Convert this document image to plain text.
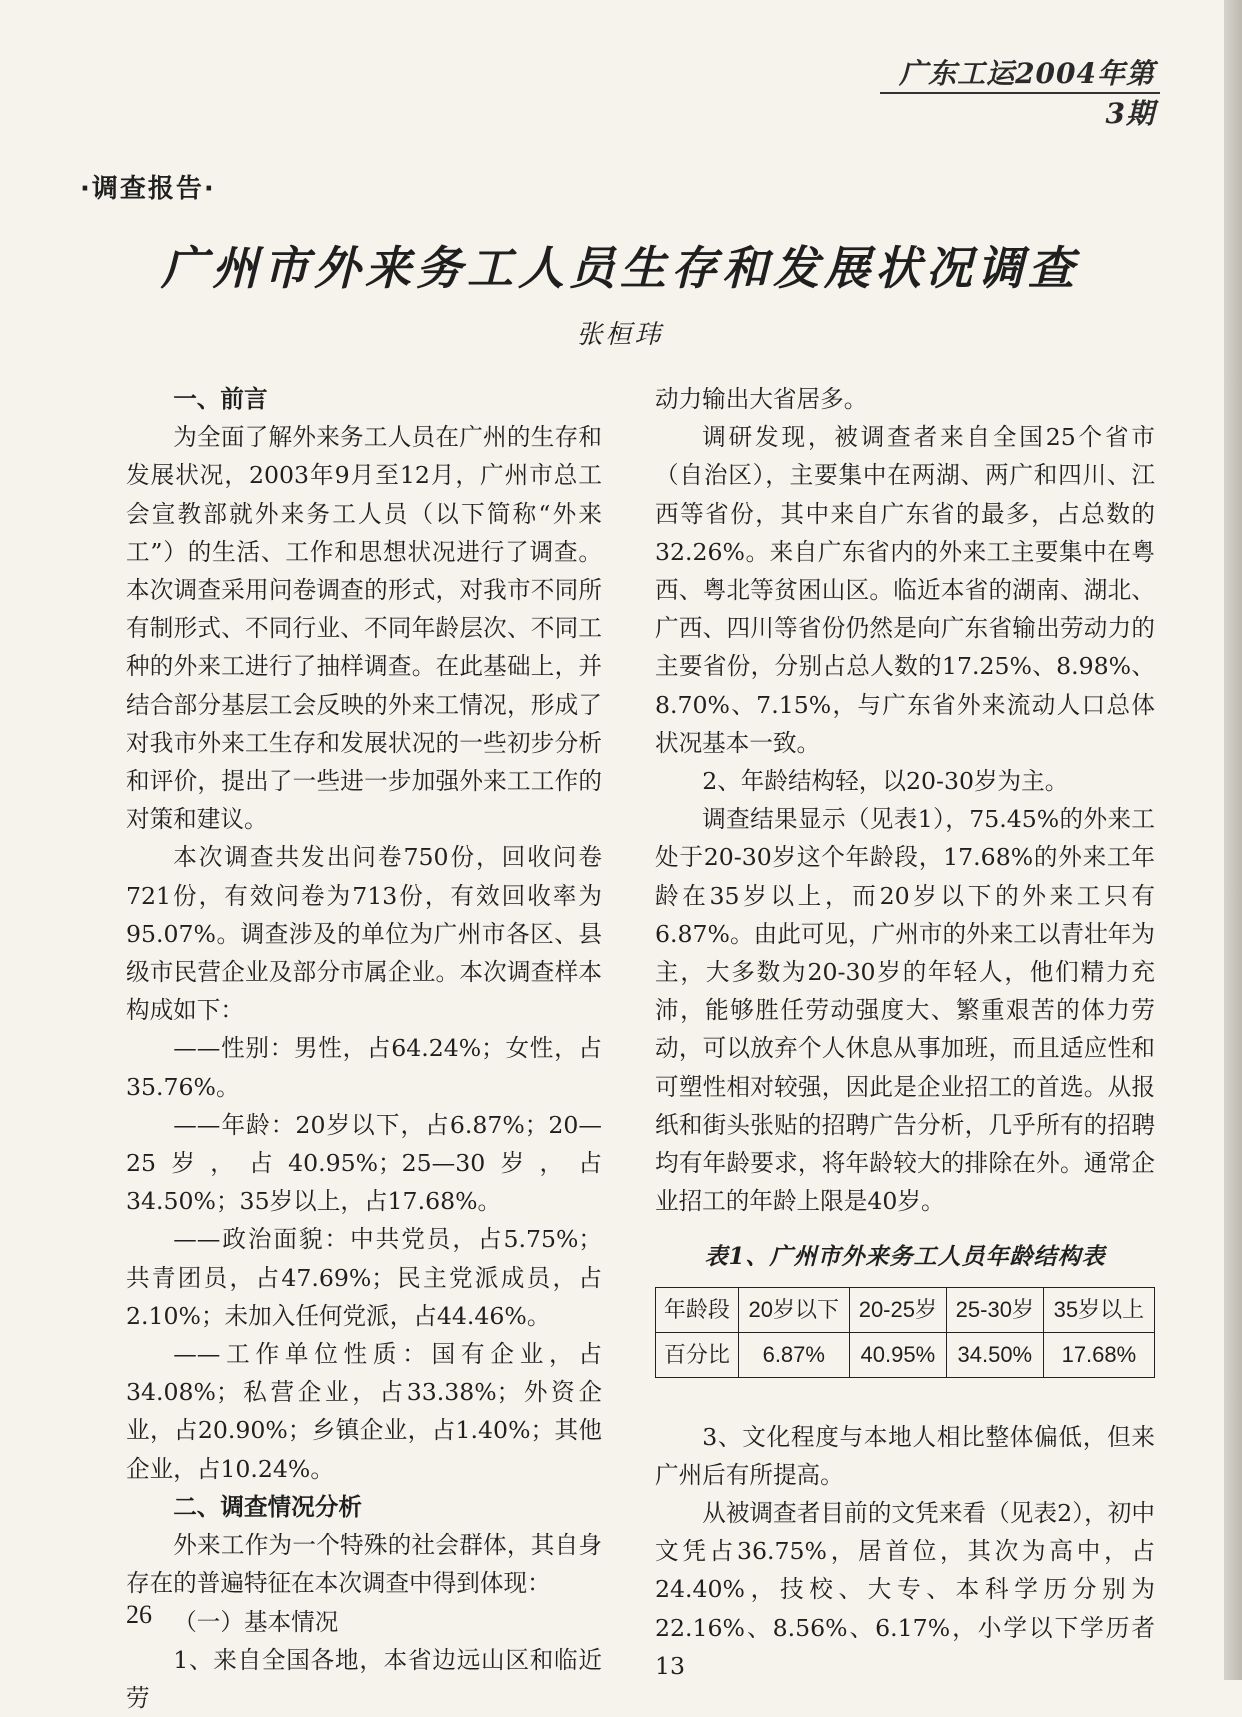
广东工运2004年第3期
·调查报告·
广州市外来务工人员生存和发展状况调查
张桓玮
一、前言

为全面了解外来务工人员在广州的生存和发展状况，2003年9月至12月，广州市总工会宣教部就外来务工人员（以下简称“外来工”）的生活、工作和思想状况进行了调查。本次调查采用问卷调查的形式，对我市不同所有制形式、不同行业、不同年龄层次、不同工种的外来工进行了抽样调查。在此基础上，并结合部分基层工会反映的外来工情况，形成了对我市外来工生存和发展状况的一些初步分析和评价，提出了一些进一步加强外来工工作的对策和建议。

本次调查共发出问卷750份，回收问卷721份，有效问卷为713份，有效回收率为95.07%。调查涉及的单位为广州市各区、县级市民营企业及部分市属企业。本次调查样本构成如下：

——性别：男性，占64.24%；女性，占35.76%。

——年龄：20岁以下，占6.87%；20—25岁，占40.95%；25—30岁，占34.50%；35岁以上，占17.68%。

——政治面貌：中共党员，占5.75%；共青团员，占47.69%；民主党派成员，占2.10%；未加入任何党派，占44.46%。

——工作单位性质：国有企业，占34.08%；私营企业，占33.38%；外资企业，占20.90%；乡镇企业，占1.40%；其他企业，占10.24%。

二、调查情况分析

外来工作为一个特殊的社会群体，其自身存在的普遍特征在本次调查中得到体现：

（一）基本情况

1、来自全国各地，本省边远山区和临近劳

动力输出大省居多。

调研发现，被调查者来自全国25个省市（自治区），主要集中在两湖、两广和四川、江西等省份，其中来自广东省的最多，占总数的32.26%。来自广东省内的外来工主要集中在粤西、粤北等贫困山区。临近本省的湖南、湖北、广西、四川等省份仍然是向广东省输出劳动力的主要省份，分别占总人数的17.25%、8.98%、8.70%、7.15%，与广东省外来流动人口总体状况基本一致。

2、年龄结构轻，以20-30岁为主。

调查结果显示（见表1），75.45%的外来工处于20-30岁这个年龄段，17.68%的外来工年龄在35岁以上，而20岁以下的外来工只有6.87%。由此可见，广州市的外来工以青壮年为主，大多数为20-30岁的年轻人，他们精力充沛，能够胜任劳动强度大、繁重艰苦的体力劳动，可以放弃个人休息从事加班，而且适应性和可塑性相对较强，因此是企业招工的首选。从报纸和街头张贴的招聘广告分析，几乎所有的招聘均有年龄要求，将年龄较大的排除在外。通常企业招工的年龄上限是40岁。

表1、广州市外来务工人员年龄结构表
年龄段	20岁以下	20-25岁	25-30岁	35岁以上
百分比	6.87%	40.95%	34.50%	17.68%

3、文化程度与本地人相比整体偏低，但来广州后有所提高。

从被调查者目前的文凭来看（见表2），初中文凭占36.75%，居首位，其次为高中，占24.40%，技校、大专、本科学历分别为22.16%、8.56%、6.17%，小学以下学历者13

26
